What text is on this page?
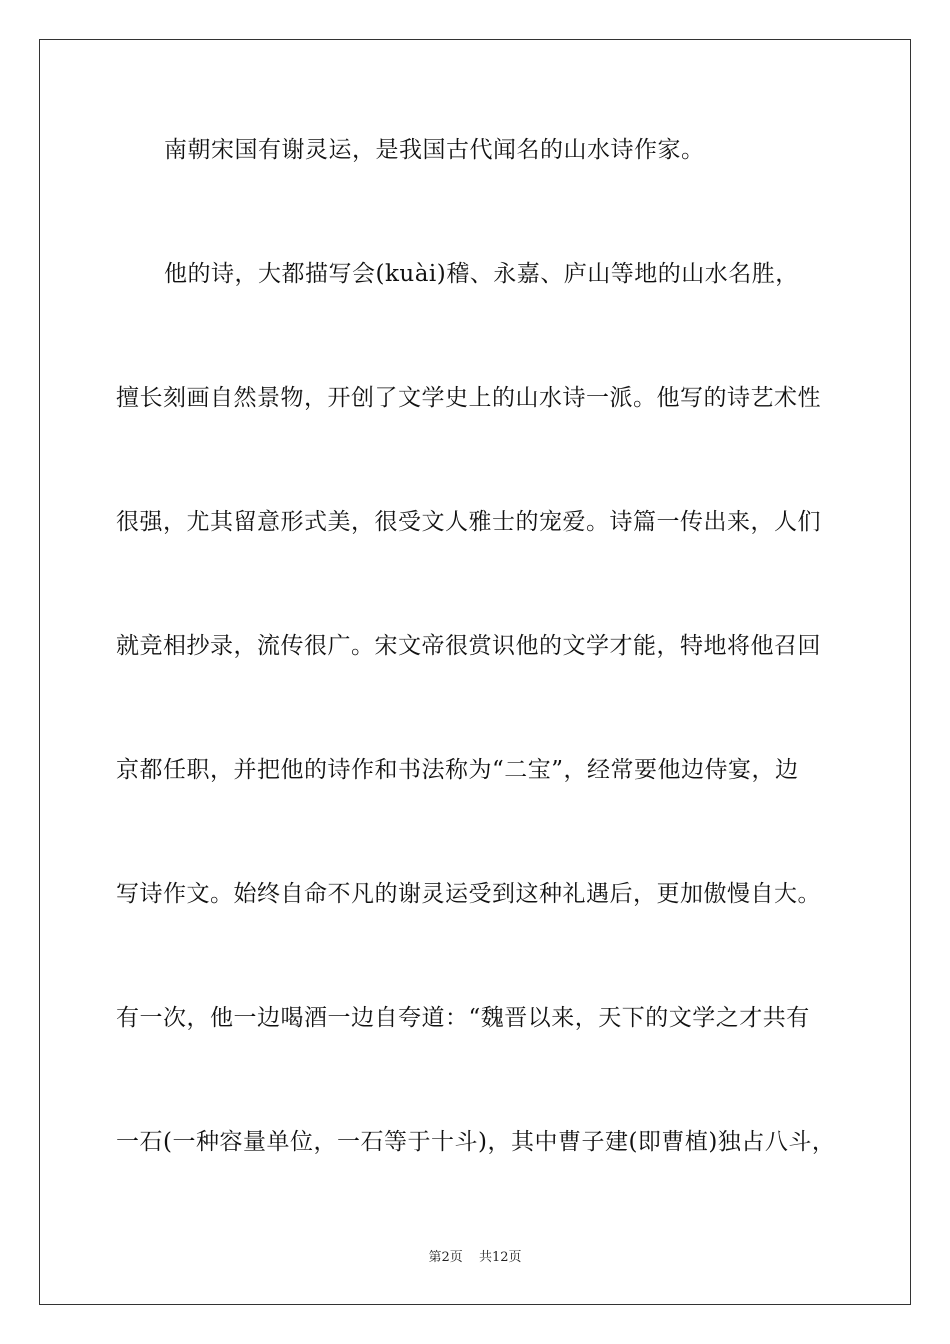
南朝宋国有谢灵运，是我国古代闻名的山水诗作家。
他的诗，大都描写会(kuài)稽、永嘉、庐山等地的山水名胜，
擅长刻画自然景物，开创了文学史上的山水诗一派。他写的诗艺术性
很强，尤其留意形式美，很受文人雅士的宠爱。诗篇一传出来，人们
就竞相抄录，流传很广。宋文帝很赏识他的文学才能，特地将他召回
京都任职，并把他的诗作和书法称为“二宝”，经常要他边侍宴，边
写诗作文。始终自命不凡的谢灵运受到这种礼遇后，更加傲慢自大。
有一次，他一边喝酒一边自夸道：“魏晋以来，天下的文学之才共有
一石(一种容量单位，一石等于十斗)，其中曹子建(即曹植)独占八斗，
第2页 共12页
